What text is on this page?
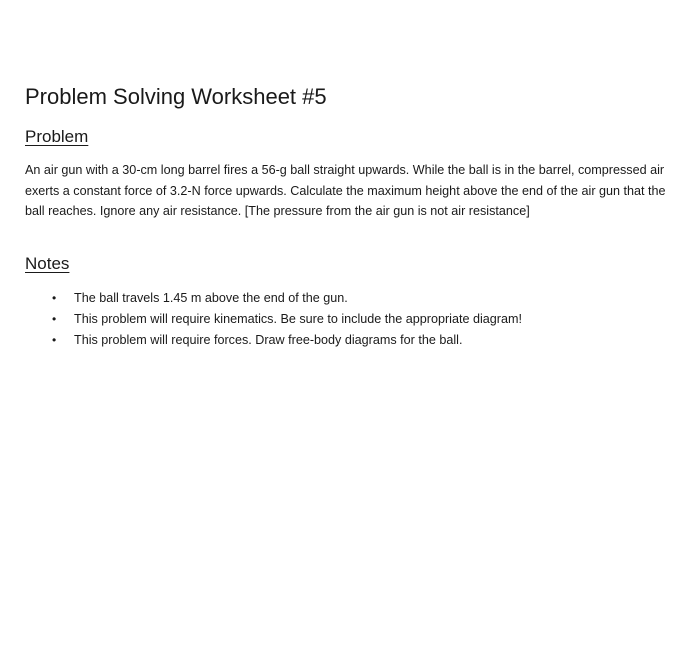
Problem Solving Worksheet #5
Problem

An air gun with a 30-cm long barrel fires a 56-g ball straight upwards. While the ball is in the barrel, compressed air exerts a constant force of 3.2-N force upwards. Calculate the maximum height above the end of the air gun that the ball reaches. Ignore any air resistance. [The pressure from the air gun is not air resistance]

Notes
• The ball travels 1.45 m above the end of the gun.
• This problem will require kinematics. Be sure to include the appropriate diagram!
• This problem will require forces. Draw free-body diagrams for the ball.
